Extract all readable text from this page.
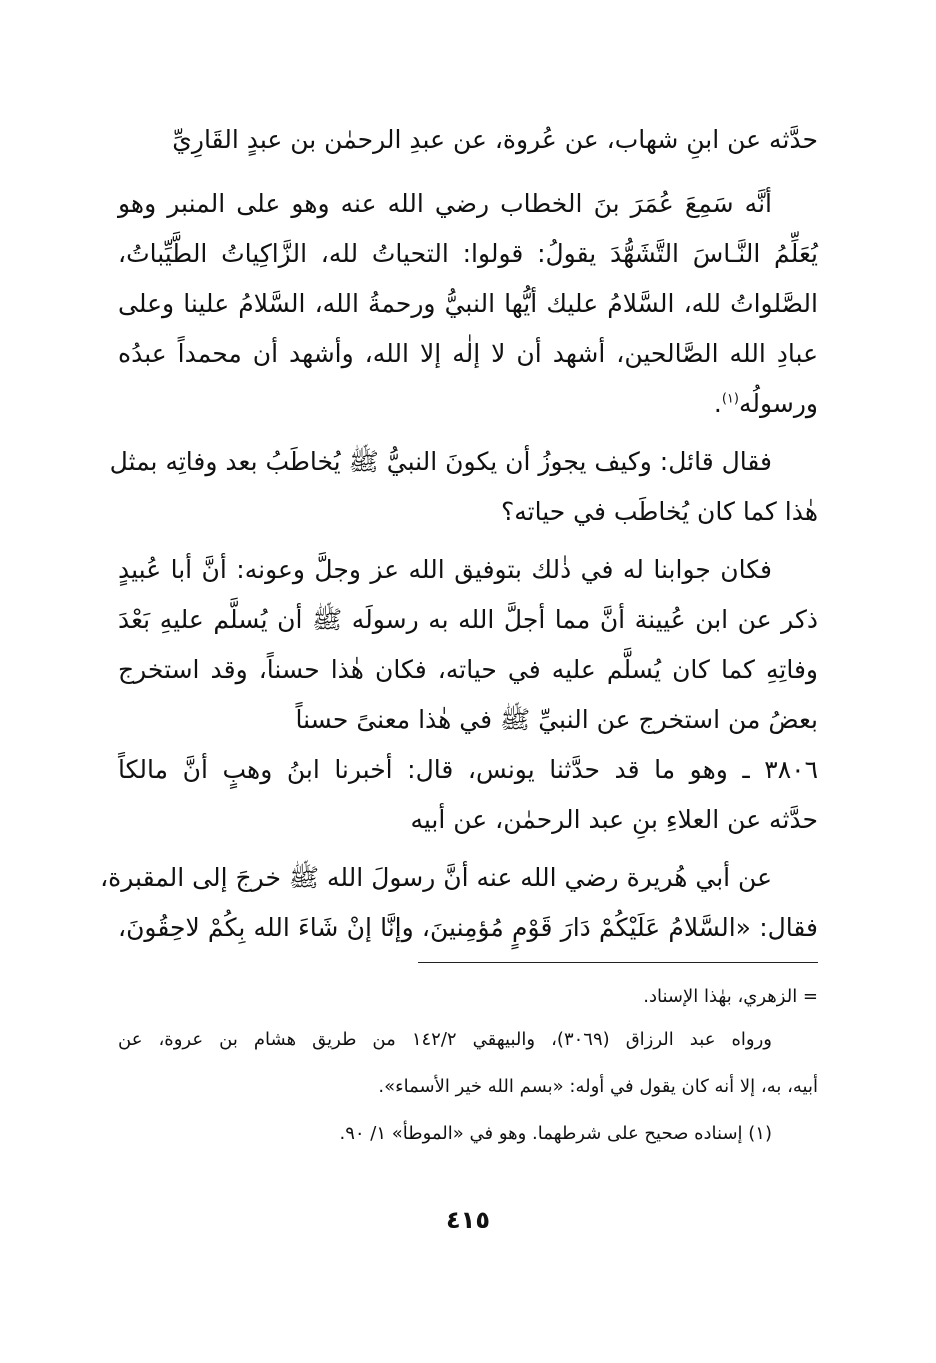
حدَّثه عن ابنِ شهاب، عن عُروة، عن عبدِ الرحمٰن بن عبدٍ القَارِيِّ
أنَّه سَمِعَ عُمَرَ بنَ الخطاب رضي الله عنه وهو على المنبر وهو
يُعَلِّمُ النَّـاسَ التَّشَهُّدَ يقولُ: قولوا: التحياتُ لله، الزَّاكِياتُ الطَّيِّباتُ،
الصَّلواتُ لله، السَّلامُ عليك أيُّها النبيُّ ورحمةُ الله، السَّلامُ علينا وعلى
عبادِ الله الصَّالحين، أشهد أن لا إلٰه إلا الله، وأشهد أن محمداً عبدُه
ورسولُه$^{(١)}$.
فقال قائل: وكيف يجوزُ أن يكونَ النبيُّ ﷺ يُخاطَبُ بعد وفاتِه بمثل
هٰذا كما كان يُخاطَب في حياته؟
فكان جوابنا له في ذٰلك بتوفيق الله عز وجلَّ وعونه: أنَّ أبا عُبيدٍ
ذكر عن ابن عُيينة أنَّ مما أجلَّ الله به رسولَه ﷺ أن يُسلَّم عليهِ بَعْدَ
وفاتِهِ كما كان يُسلَّم عليه في حياته، فكان هٰذا حسناً، وقد استخرج
بعضُ من استخرج عن النبيِّ ﷺ في هٰذا معنىً حسناً
٣٨٠٦ ـ وهو ما قد حدَّثنا يونس، قال: أخبرنا ابنُ وهبٍ أنَّ مالكاً
حدَّثه عن العلاءِ بنِ عبد الرحمٰن، عن أبيه
عن أبي هُريرة رضي الله عنه أنَّ رسولَ الله ﷺ خرجَ إلى المقبرة،
فقال: «السَّلامُ عَلَيْكُمْ دَارَ قَوْمٍ مُؤمِنينَ، وإنَّا إنْ شَاءَ الله بِكُمْ لاحِقُونَ،
= الزهري، بهٰذا الإسناد.
ورواه عبد الرزاق (٣٠٦٩)، والبيهقي ١٤٢/٢ من طريق هشام بن عروة، عن
أبيه، به، إلا أنه كان يقول في أوله: «بسم الله خير الأسماء».
(١) إسناده صحيح على شرطهما. وهو في «الموطأ» ١/ ٩٠.
٤١٥
